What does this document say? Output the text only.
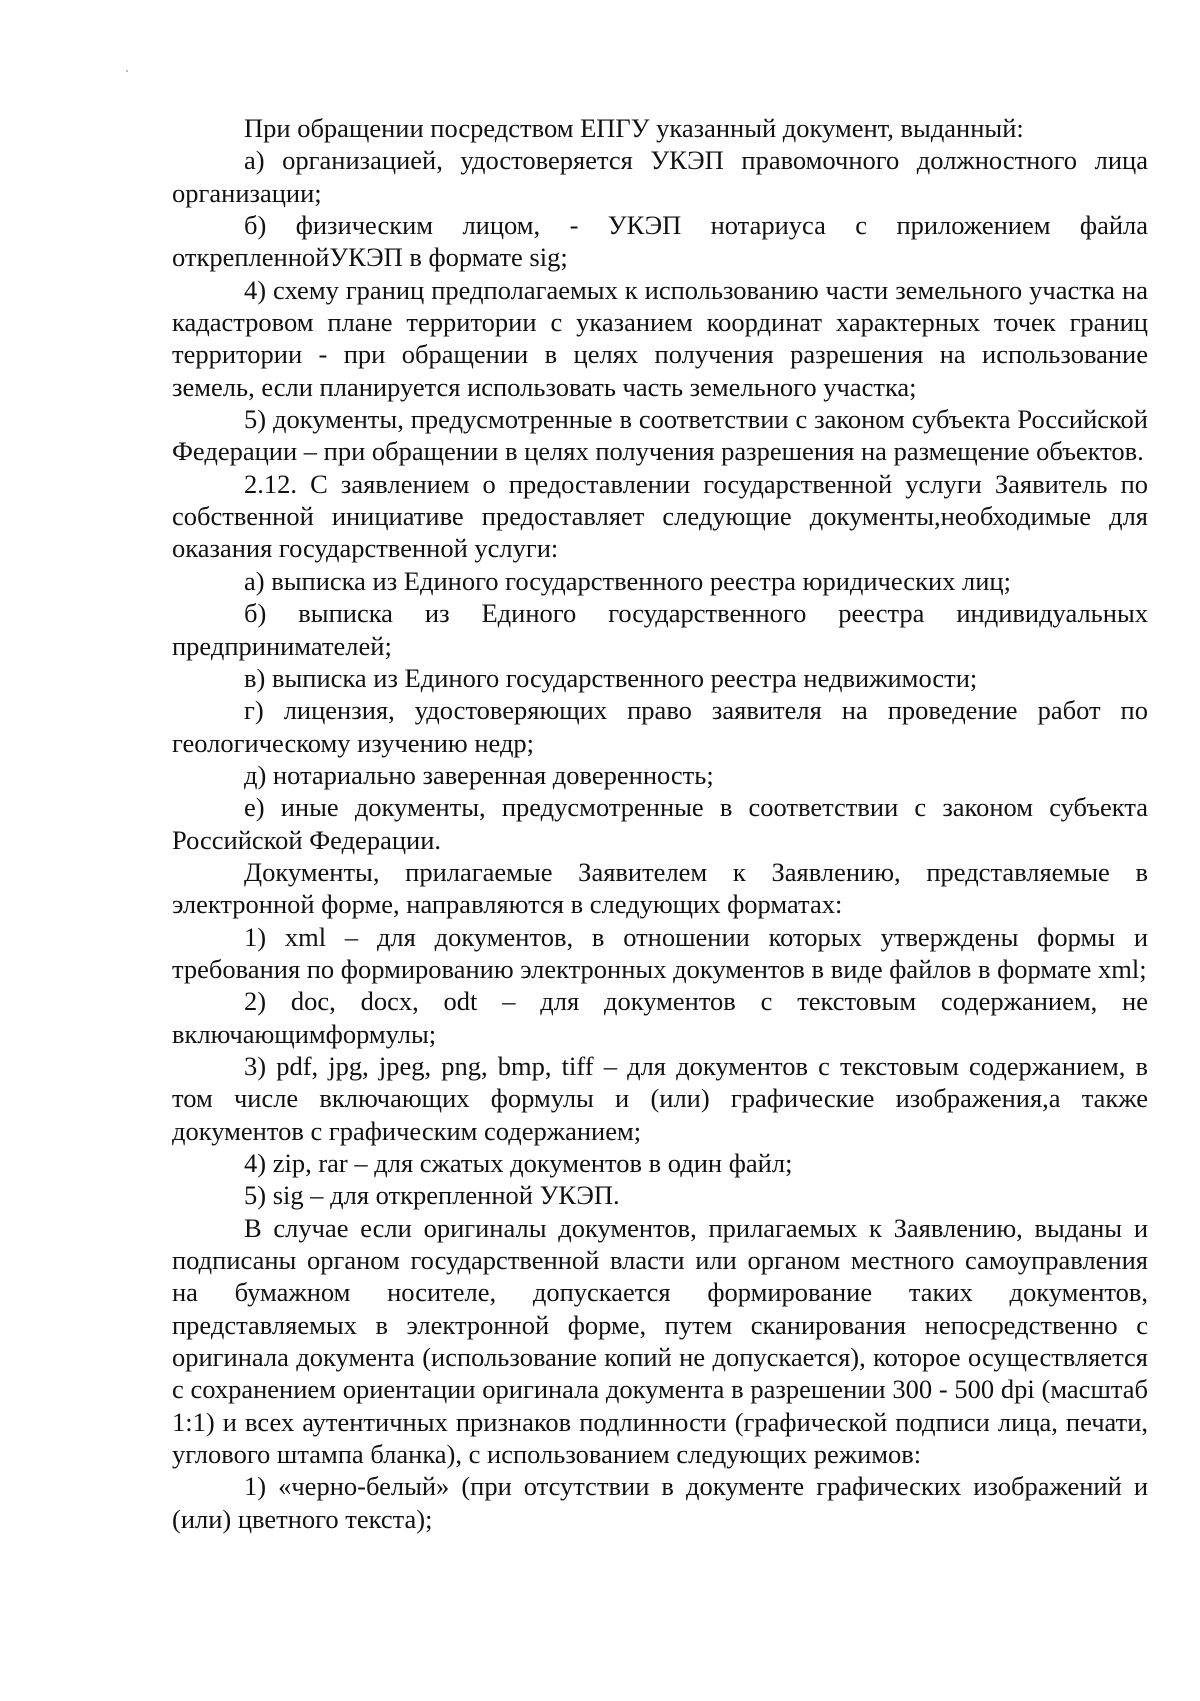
При обращении посредством ЕПГУ указанный документ, выданный:

а) организацией, удостоверяется УКЭП правомочного должностного лица организации;

б) физическим лицом, - УКЭП нотариуса с приложением файла открепленнойУКЭП в формате sig;

4) схему границ предполагаемых к использованию части земельного участка на кадастровом плане территории с указанием координат характерных точек границ территории - при обращении в целях получения разрешения на использование земель, если планируется использовать часть земельного участка;

5) документы, предусмотренные в соответствии с законом субъекта Российской Федерации – при обращении в целях получения разрешения на размещение объектов.

2.12. С заявлением о предоставлении государственной услуги Заявитель по собственной инициативе предоставляет следующие документы,необходимые для оказания государственной услуги:

а) выписка из Единого государственного реестра юридических лиц;

б) выписка из Единого государственного реестра индивидуальных предпринимателей;

в) выписка из Единого государственного реестра недвижимости;

г) лицензия, удостоверяющих право заявителя на проведение работ по геологическому изучению недр;

д) нотариально заверенная доверенность;

е) иные документы, предусмотренные в соответствии с законом субъекта Российской Федерации.

Документы, прилагаемые Заявителем к Заявлению, представляемые в электронной форме, направляются в следующих форматах:

1) xml – для документов, в отношении которых утверждены формы и требования по формированию электронных документов в виде файлов в формате xml;

2) doc, docx, odt – для документов с текстовым содержанием, не включающимформулы;

3) pdf, jpg, jpeg, png, bmp, tiff – для документов с текстовым содержанием, в том числе включающих формулы и (или) графические изображения,а также документов с графическим содержанием;

4) zip, rar – для сжатых документов в один файл;

5) sig – для открепленной УКЭП.

В случае если оригиналы документов, прилагаемых к Заявлению, выданы и подписаны органом государственной власти или органом местного самоуправления на бумажном носителе, допускается формирование таких документов, представляемых в электронной форме, путем сканирования непосредственно с оригинала документа (использование копий не допускается), которое осуществляется с сохранением ориентации оригинала документа в разрешении 300 - 500 dpi (масштаб 1:1) и всех аутентичных признаков подлинности (графической подписи лица, печати, углового штампа бланка), с использованием следующих режимов:

1) «черно-белый» (при отсутствии в документе графических изображений и (или) цветного текста);
